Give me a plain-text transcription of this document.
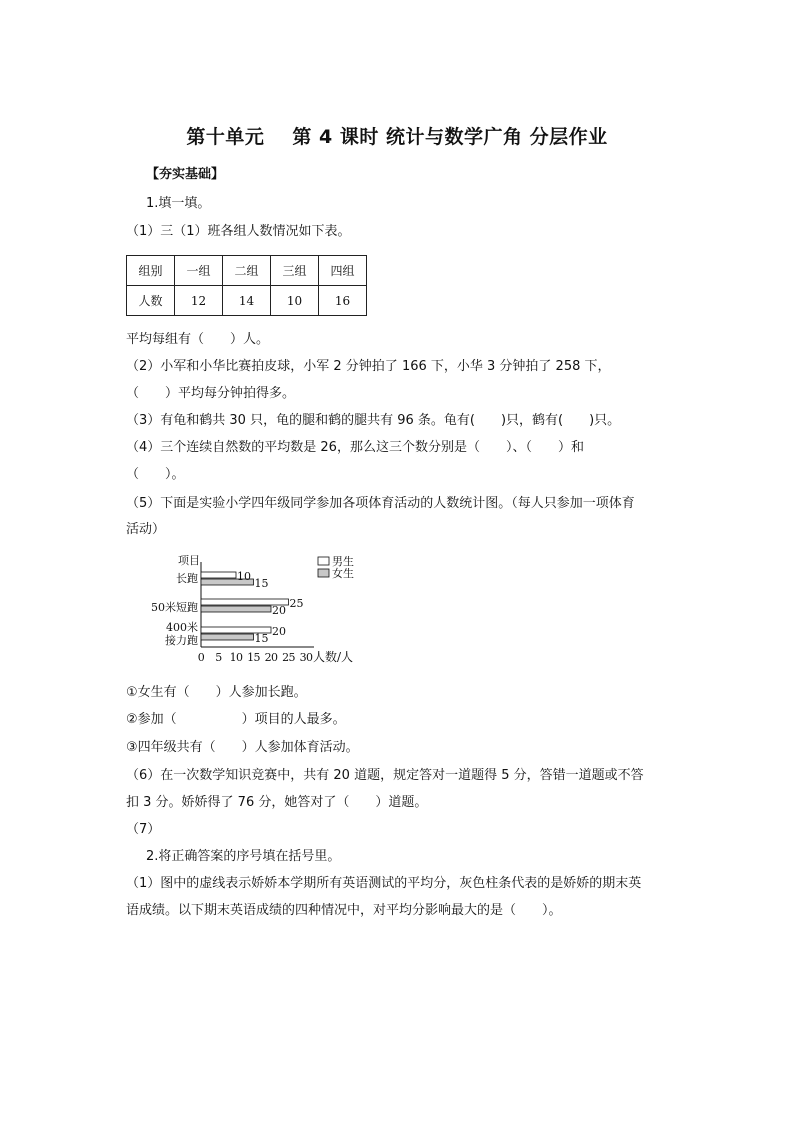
第十单元 第 4 课时 统计与数学广角 分层作业
【夯实基础】
1.填一填。
（1）三（1）班各组人数情况如下表。
组别	一组	二组	三组	四组
人数	12	14	10	16
平均每组有（　　）人。
（2）小军和小华比赛拍皮球，小军 2 分钟拍了 166 下，小华 3 分钟拍了 258 下，
（　　）平均每分钟拍得多。
（3）有龟和鹤共 30 只，龟的腿和鹤的腿共有 96 条。龟有(　　)只，鹤有(　　)只。
（4）三个连续自然数的平均数是 26，那么这三个数分别是（　　）、（　　）和
（　　）。
（5）下面是实验小学四年级同学参加各项体育活动的人数统计图。（每人只参加一项体育
活动）
项目
人数/人
0 5 10 15 20 25 30
长跑
50米短跑
400米
接力跑
10
15
25
20
20
15
男生
女生
①女生有（　　）人参加长跑。
②参加（　　　　　）项目的人最多。
③四年级共有（　　）人参加体育活动。
（6）在一次数学知识竞赛中，共有 20 道题，规定答对一道题得 5 分，答错一道题或不答
扣 3 分。娇娇得了 76 分，她答对了（　　）道题。
（7）
2.将正确答案的序号填在括号里。
（1）图中的虚线表示娇娇本学期所有英语测试的平均分，灰色柱条代表的是娇娇的期末英
语成绩。以下期末英语成绩的四种情况中，对平均分影响最大的是（　　）。
